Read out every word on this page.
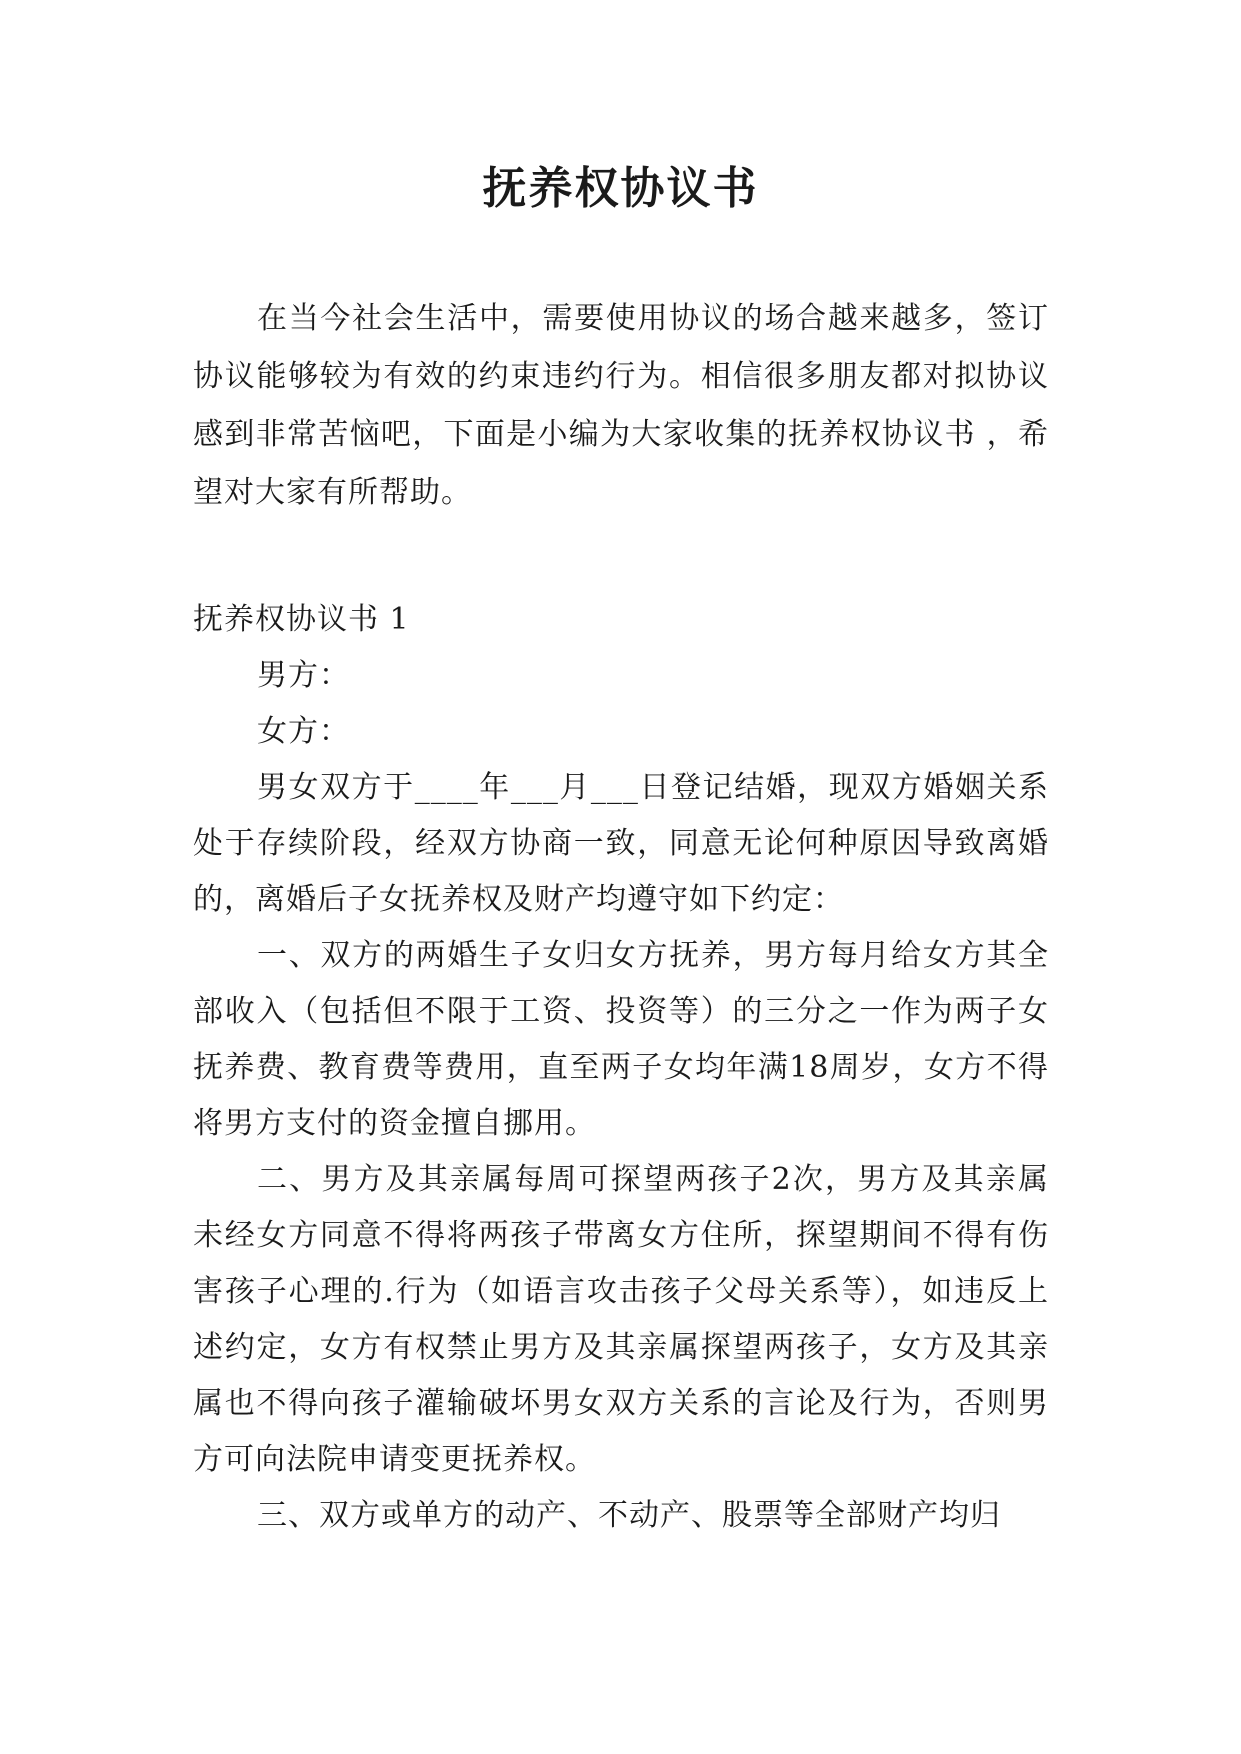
抚养权协议书

在当今社会生活中，需要使用协议的场合越来越多，签订协议能够较为有效的约束违约行为。相信很多朋友都对拟协议感到非常苦恼吧，下面是小编为大家收集的抚养权协议书 ，希望对大家有所帮助。

抚养权协议书 1

男方：

女方：

男女双方于____年___月___日登记结婚，现双方婚姻关系处于存续阶段，经双方协商一致，同意无论何种原因导致离婚的，离婚后子女抚养权及财产均遵守如下约定：

一、双方的两婚生子女归女方抚养，男方每月给女方其全部收入（包括但不限于工资、投资等）的三分之一作为两子女抚养费、教育费等费用，直至两子女均年满18周岁，女方不得将男方支付的资金擅自挪用。

二、男方及其亲属每周可探望两孩子2次，男方及其亲属未经女方同意不得将两孩子带离女方住所，探望期间不得有伤害孩子心理的.行为（如语言攻击孩子父母关系等），如违反上述约定，女方有权禁止男方及其亲属探望两孩子，女方及其亲属也不得向孩子灌输破坏男女双方关系的言论及行为，否则男方可向法院申请变更抚养权。

三、双方或单方的动产、不动产、股票等全部财产均归
